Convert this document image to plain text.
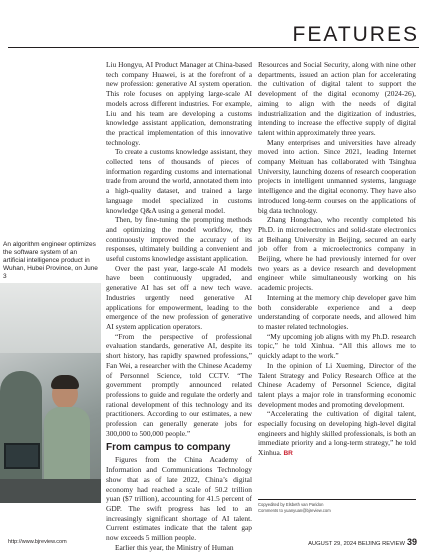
FEATURES
An algorithm engineer optimizes the software system of an artificial intelligence product in Wuhan, Hubei Province, on June 3

Liu Hongyu, AI Product Manager at China-based tech company Huawei, is at the forefront of a new profession: generative AI system operation. This role focuses on applying large-scale AI models across different industries. For example, Liu and his team are developing a customs knowledge assistant application, demonstrating the practical implementation of this innovative technology.

To create a customs knowledge assistant, they collected tens of thousands of pieces of information regarding customs and international trade from around the world, annotated them into a high-quality dataset, and trained a large language model specialized in customs knowledge Q&A using a general model.

Then, by fine-tuning the prompting methods and optimizing the model workflow, they continuously improved the accuracy of its responses, ultimately building a convenient and useful customs knowledge assistant application.

Over the past year, large-scale AI models have been continuously upgraded, and generative AI has set off a new tech wave. Industries urgently need generative AI applications for empowerment, leading to the emergence of the new profession of generative AI system application operators.

“From the perspective of professional evaluation standards, generative AI, despite its short history, has rapidly spawned professions,” Fan Wei, a researcher with the Chinese Academy of Personnel Science, told CCTV. “The government promptly announced related professions to guide and regulate the orderly and rational development of this technology and its practitioners. According to our estimates, a new profession can generally generate jobs for 300,000 to 500,000 people.”

From campus to company

Figures from the China Academy of Information and Communications Technology show that as of late 2022, China’s digital economy had reached a scale of 50.2 trillion yuan ($7 trillion), accounting for 41.5 percent of GDP. The swift progress has led to an increasingly significant shortage of AI talent. Current estimates indicate that the talent gap now exceeds 5 million people.

Earlier this year, the Ministry of Human

Resources and Social Security, along with nine other departments, issued an action plan for accelerating the cultivation of digital talent to support the development of the digital economy (2024-26), aiming to align with the needs of digital industrialization and the digitization of industries, intending to increase the effective supply of digital talent within approximately three years.

Many enterprises and universities have already moved into action. Since 2021, leading Internet company Meituan has collaborated with Tsinghua University, launching dozens of research cooperation projects in intelligent unmanned systems, language intelligence and the digital economy. They have also introduced long-term courses on the applications of big data technology.

Zhang Hongchao, who recently completed his Ph.D. in microelectronics and solid-state electronics at Beihang University in Beijing, secured an early job offer from a microelectronics company in Beijing, where he had previously interned for over two years as a device research and development engineer while simultaneously working on his academic projects.

Interning at the memory chip developer gave him both considerable experience and a deep understanding of corporate needs, and allowed him to master related technologies.

“My upcoming job aligns with my Ph.D. research topic,” he told Xinhua. “All this allows me to quickly adapt to the work.”

In the opinion of Li Xueming, Director of the Talent Strategy and Policy Research Office at the Chinese Academy of Personnel Science, digital talent plays a major role in transforming economic development modes and promoting development.

“Accelerating the cultivation of digital talent, especially focusing on developing high-level digital engineers and highly skilled professionals, is both an immediate priority and a long-term strategy,” he told Xinhua. BR

Copyedited by Elsbeth van Paridon
Comments to yuanyuan@bjreview.com
http://www.bjreview.com	AUGUST 29, 2024 BEIJING REVIEW 39
